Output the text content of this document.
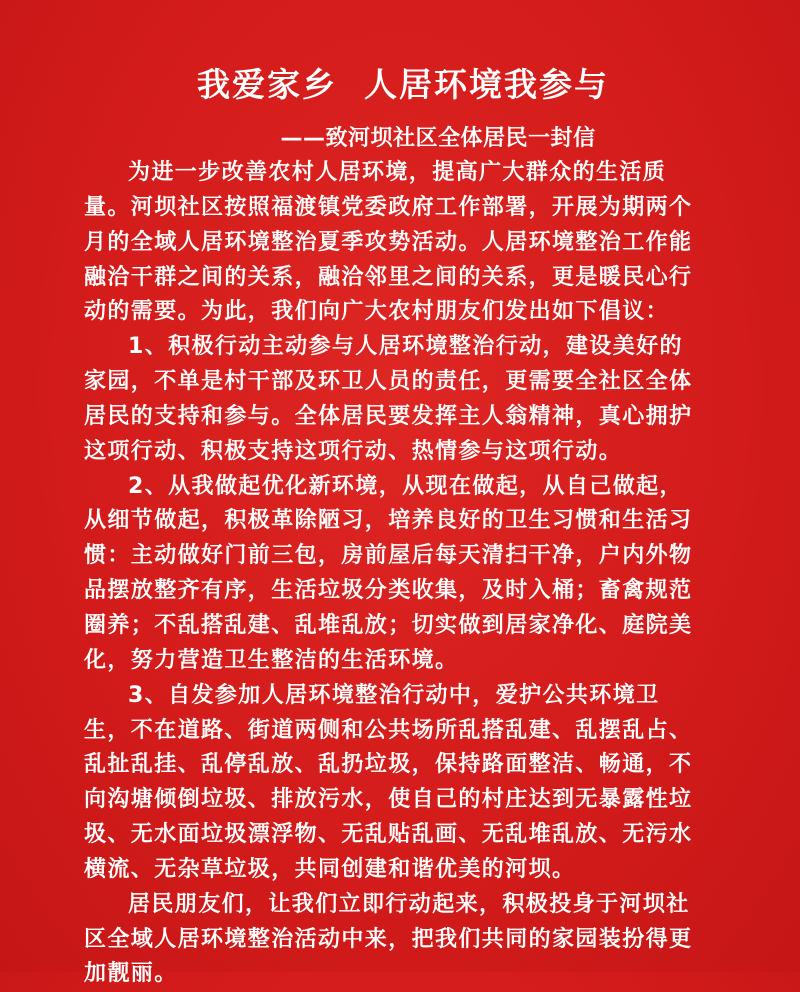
我爱家乡  人居环境我参与
——致河坝社区全体居民一封信
为进一步改善农村人居环境，提高广大群众的生活质
量。河坝社区按照福渡镇党委政府工作部署，开展为期两个
月的全域人居环境整治夏季攻势活动。人居环境整治工作能
融洽干群之间的关系，融洽邻里之间的关系，更是暖民心行
动的需要。为此，我们向广大农村朋友们发出如下倡议：
1、积极行动主动参与人居环境整治行动，建设美好的
家园，不单是村干部及环卫人员的责任，更需要全社区全体
居民的支持和参与。全体居民要发挥主人翁精神，真心拥护
这项行动、积极支持这项行动、热情参与这项行动。
2、从我做起优化新环境，从现在做起，从自己做起，
从细节做起，积极革除陋习，培养良好的卫生习惯和生活习
惯：主动做好门前三包，房前屋后每天清扫干净，户内外物
品摆放整齐有序，生活垃圾分类收集，及时入桶；畜禽规范
圈养；不乱搭乱建、乱堆乱放；切实做到居家净化、庭院美
化，努力营造卫生整洁的生活环境。
3、自发参加人居环境整治行动中，爱护公共环境卫
生，不在道路、街道两侧和公共场所乱搭乱建、乱摆乱占、
乱扯乱挂、乱停乱放、乱扔垃圾，保持路面整洁、畅通，不
向沟塘倾倒垃圾、排放污水，使自己的村庄达到无暴露性垃
圾、无水面垃圾漂浮物、无乱贴乱画、无乱堆乱放、无污水
横流、无杂草垃圾，共同创建和谐优美的河坝。
居民朋友们，让我们立即行动起来，积极投身于河坝社
区全域人居环境整治活动中来，把我们共同的家园装扮得更
加靓丽。
